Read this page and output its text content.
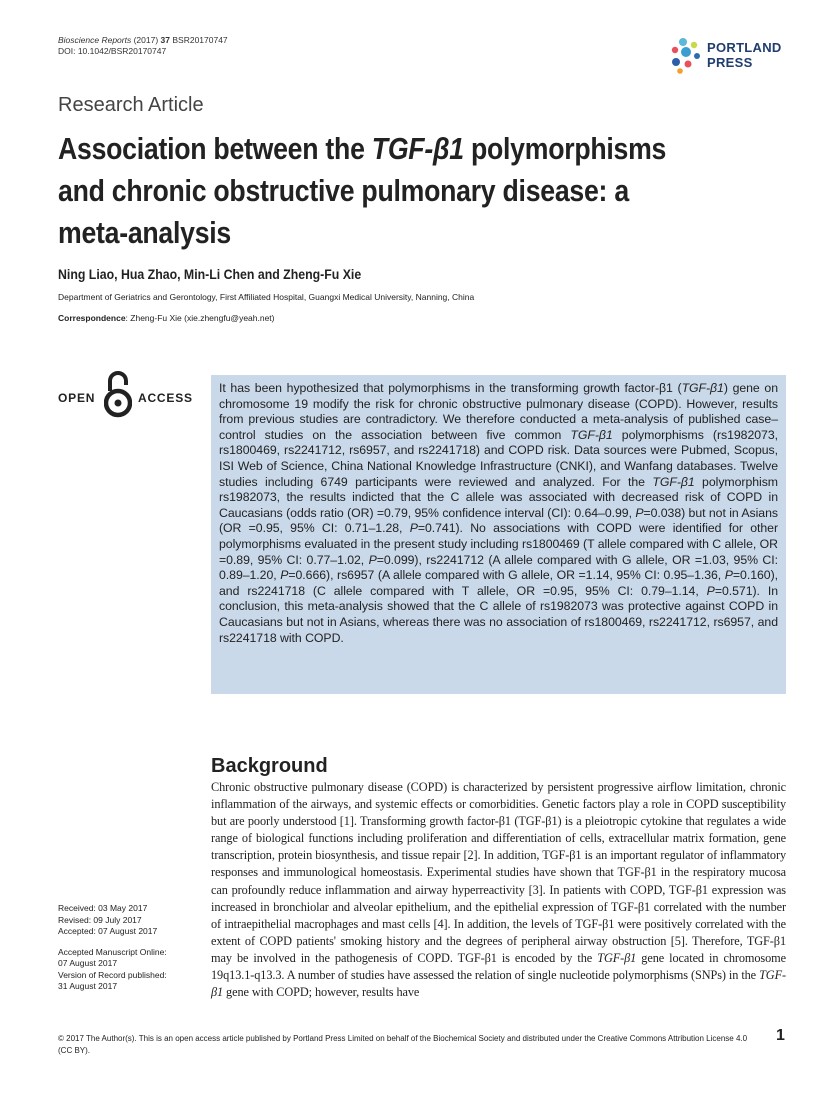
Bioscience Reports (2017) 37 BSR20170747
DOI: 10.1042/BSR20170747	PORTLAND
PRESS
Research Article
Association between the TGF-β1 polymorphisms and chronic obstructive pulmonary disease: a meta-analysis
Ning Liao, Hua Zhao, Min-Li Chen and Zheng-Fu Xie
Department of Geriatrics and Gerontology, First Affiliated Hospital, Guangxi Medical University, Nanning, China
Correspondence: Zheng-Fu Xie (xie.zhengfu@yeah.net)
OPEN	ACCESS

It has been hypothesized that polymorphisms in the transforming growth factor-β1 (TGF-β1) gene on chromosome 19 modify the risk for chronic obstructive pulmonary disease (COPD). However, results from previous studies are contradictory. We therefore conducted a meta-analysis of published case–control studies on the association between five common TGF-β1 polymorphisms (rs1982073, rs1800469, rs2241712, rs6957, and rs2241718) and COPD risk. Data sources were Pubmed, Scopus, ISI Web of Science, China National Knowledge Infrastructure (CNKI), and Wanfang databases. Twelve studies including 6749 participants were reviewed and analyzed. For the TGF-β1 polymorphism rs1982073, the results indicted that the C allele was associated with decreased risk of COPD in Caucasians (odds ratio (OR) =0.79, 95% confidence interval (CI): 0.64–0.99, P=0.038) but not in Asians (OR =0.95, 95% CI: 0.71–1.28, P=0.741). No associations with COPD were identified for other polymorphisms evaluated in the present study including rs1800469 (T allele compared with C allele, OR =0.89, 95% CI: 0.77–1.02, P=0.099), rs2241712 (A allele compared with G allele, OR =1.03, 95% CI: 0.89–1.20, P=0.666), rs6957 (A allele compared with G allele, OR =1.14, 95% CI: 0.95–1.36, P=0.160), and rs2241718 (C allele compared with T allele, OR =0.95, 95% CI: 0.79–1.14, P=0.571). In conclusion, this meta-analysis showed that the C allele of rs1982073 was protective against COPD in Caucasians but not in Asians, whereas there was no association of rs1800469, rs2241712, rs6957, and rs2241718 with COPD.

Background

Chronic obstructive pulmonary disease (COPD) is characterized by persistent progressive airflow limitation, chronic inflammation of the airways, and systemic effects or comorbidities. Genetic factors play a role in COPD susceptibility but are poorly understood [1]. Transforming growth factor-β1 (TGF-β1) is a pleiotropic cytokine that regulates a wide range of biological functions including proliferation and differentiation of cells, extracellular matrix formation, gene transcription, protein biosynthesis, and tissue repair [2]. In addition, TGF-β1 is an important regulator of inflammatory responses and immunological homeostasis. Experimental studies have shown that TGF-β1 in the respiratory mucosa can profoundly reduce inflammation and airway hyperreactivity [3]. In patients with COPD, TGF-β1 expression was increased in bronchiolar and alveolar epithelium, and the epithelial expression of TGF-β1 correlated with the number of intraepithelial macrophages and mast cells [4]. In addition, the levels of TGF-β1 were positively correlated with the extent of COPD patients' smoking history and the degrees of peripheral airway obstruction [5]. Therefore, TGF-β1 may be involved in the pathogenesis of COPD. TGF-β1 is encoded by the TGF-β1 gene located in chromosome 19q13.1-q13.3. A number of studies have assessed the relation of single nucleotide polymorphisms (SNPs) in the TGF-β1 gene with COPD; however, results have

Received: 03 May 2017
Revised: 09 July 2017
Accepted: 07 August 2017
Accepted Manuscript Online:
07 August 2017
Version of Record published:
31 August 2017
© 2017 The Author(s). This is an open access article published by Portland Press Limited on behalf of the Biochemical Society and distributed under the Creative Commons Attribution License 4.0 (CC BY).
1
